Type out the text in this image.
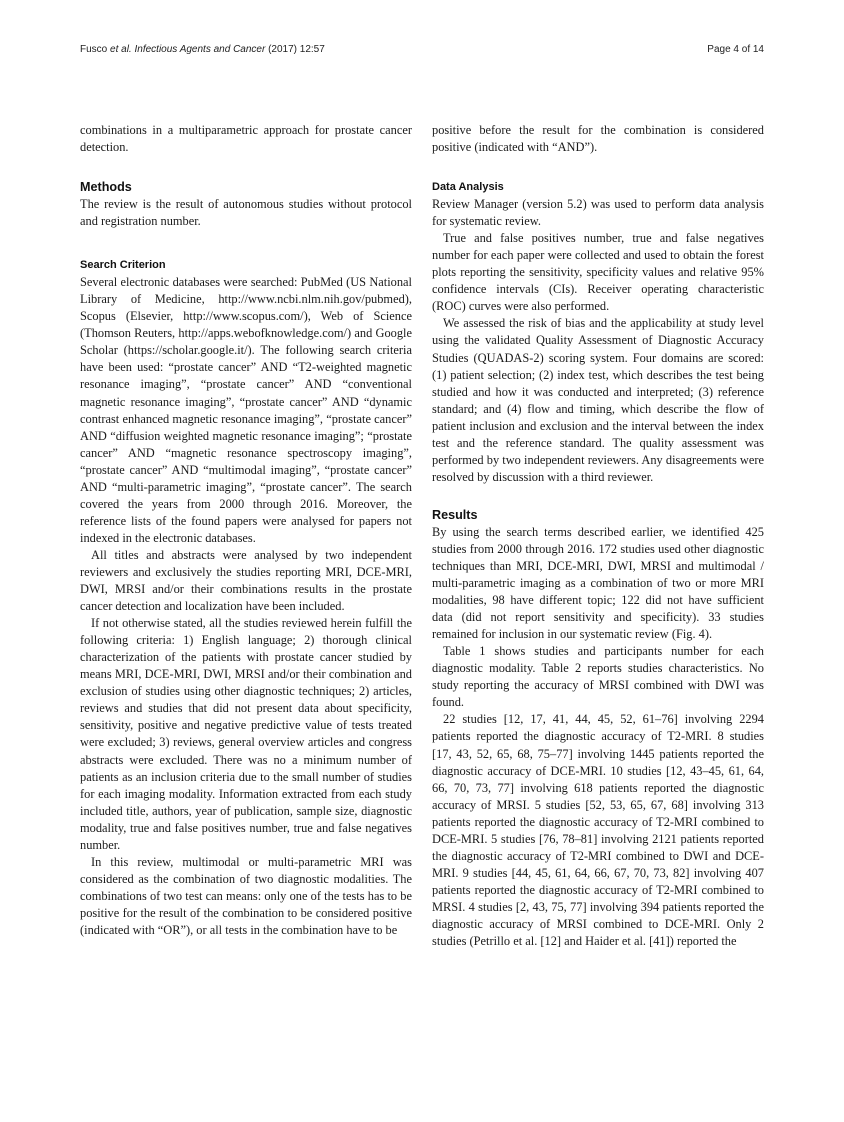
Fusco et al. Infectious Agents and Cancer (2017) 12:57	Page 4 of 14

combinations in a multiparametric approach for prostate cancer detection.

Methods

The review is the result of autonomous studies without protocol and registration number.

Search Criterion

Several electronic databases were searched: PubMed (US National Library of Medicine, http://www.ncbi.nlm.nih.gov/pubmed), Scopus (Elsevier, http://www.scopus.com/), Web of Science (Thomson Reuters, http://apps.webofknowledge.com/) and Google Scholar (https://scholar.google.it/). The following search criteria have been used: “prostate cancer” AND “T2-weighted magnetic resonance imaging”, “prostate cancer” AND “conventional magnetic resonance imaging”, “prostate cancer” AND “dynamic contrast enhanced magnetic resonance imaging”, “prostate cancer” AND “diffusion weighted magnetic resonance imaging”; “prostate cancer” AND “magnetic resonance spectroscopy imaging”, “prostate cancer” AND “multimodal imaging”, “prostate cancer” AND “multi-parametric imaging”, “prostate cancer”. The search covered the years from 2000 through 2016. Moreover, the reference lists of the found papers were analysed for papers not indexed in the electronic databases.

All titles and abstracts were analysed by two independent reviewers and exclusively the studies reporting MRI, DCE-MRI, DWI, MRSI and/or their combinations results in the prostate cancer detection and localization have been included.

If not otherwise stated, all the studies reviewed herein fulfill the following criteria: 1) English language; 2) thorough clinical characterization of the patients with prostate cancer studied by means MRI, DCE-MRI, DWI, MRSI and/or their combination and exclusion of studies using other diagnostic techniques; 2) articles, reviews and studies that did not present data about specificity, sensitivity, positive and negative predictive value of tests treated were excluded; 3) reviews, general overview articles and congress abstracts were excluded. There was no a minimum number of patients as an inclusion criteria due to the small number of studies for each imaging modality. Information extracted from each study included title, authors, year of publication, sample size, diagnostic modality, true and false positives number, true and false negatives number.

In this review, multimodal or multi-parametric MRI was considered as the combination of two diagnostic modalities. The combinations of two test can means: only one of the tests has to be positive for the result of the combination to be considered positive (indicated with “OR”), or all tests in the combination have to be

positive before the result for the combination is considered positive (indicated with “AND”).

Data Analysis

Review Manager (version 5.2) was used to perform data analysis for systematic review.

True and false positives number, true and false negatives number for each paper were collected and used to obtain the forest plots reporting the sensitivity, specificity values and relative 95% confidence intervals (CIs). Receiver operating characteristic (ROC) curves were also performed.

We assessed the risk of bias and the applicability at study level using the validated Quality Assessment of Diagnostic Accuracy Studies (QUADAS-2) scoring system. Four domains are scored: (1) patient selection; (2) index test, which describes the test being studied and how it was conducted and interpreted; (3) reference standard; and (4) flow and timing, which describe the flow of patient inclusion and exclusion and the interval between the index test and the reference standard. The quality assessment was performed by two independent reviewers. Any disagreements were resolved by discussion with a third reviewer.

Results

By using the search terms described earlier, we identified 425 studies from 2000 through 2016. 172 studies used other diagnostic techniques than MRI, DCE-MRI, DWI, MRSI and multimodal / multi-parametric imaging as a combination of two or more MRI modalities, 98 have different topic; 122 did not have sufficient data (did not report sensitivity and specificity). 33 studies remained for inclusion in our systematic review (Fig. 4).

Table 1 shows studies and participants number for each diagnostic modality. Table 2 reports studies characteristics. No study reporting the accuracy of MRSI combined with DWI was found.

22 studies [12, 17, 41, 44, 45, 52, 61–76] involving 2294 patients reported the diagnostic accuracy of T2-MRI. 8 studies [17, 43, 52, 65, 68, 75–77] involving 1445 patients reported the diagnostic accuracy of DCE-MRI. 10 studies [12, 43–45, 61, 64, 66, 70, 73, 77] involving 618 patients reported the diagnostic accuracy of MRSI. 5 studies [52, 53, 65, 67, 68] involving 313 patients reported the diagnostic accuracy of T2-MRI combined to DCE-MRI. 5 studies [76, 78–81] involving 2121 patients reported the diagnostic accuracy of T2-MRI combined to DWI and DCE-MRI. 9 studies [44, 45, 61, 64, 66, 67, 70, 73, 82] involving 407 patients reported the diagnostic accuracy of T2-MRI combined to MRSI. 4 studies [2, 43, 75, 77] involving 394 patients reported the diagnostic accuracy of MRSI combined to DCE-MRI. Only 2 studies (Petrillo et al. [12] and Haider et al. [41]) reported the
